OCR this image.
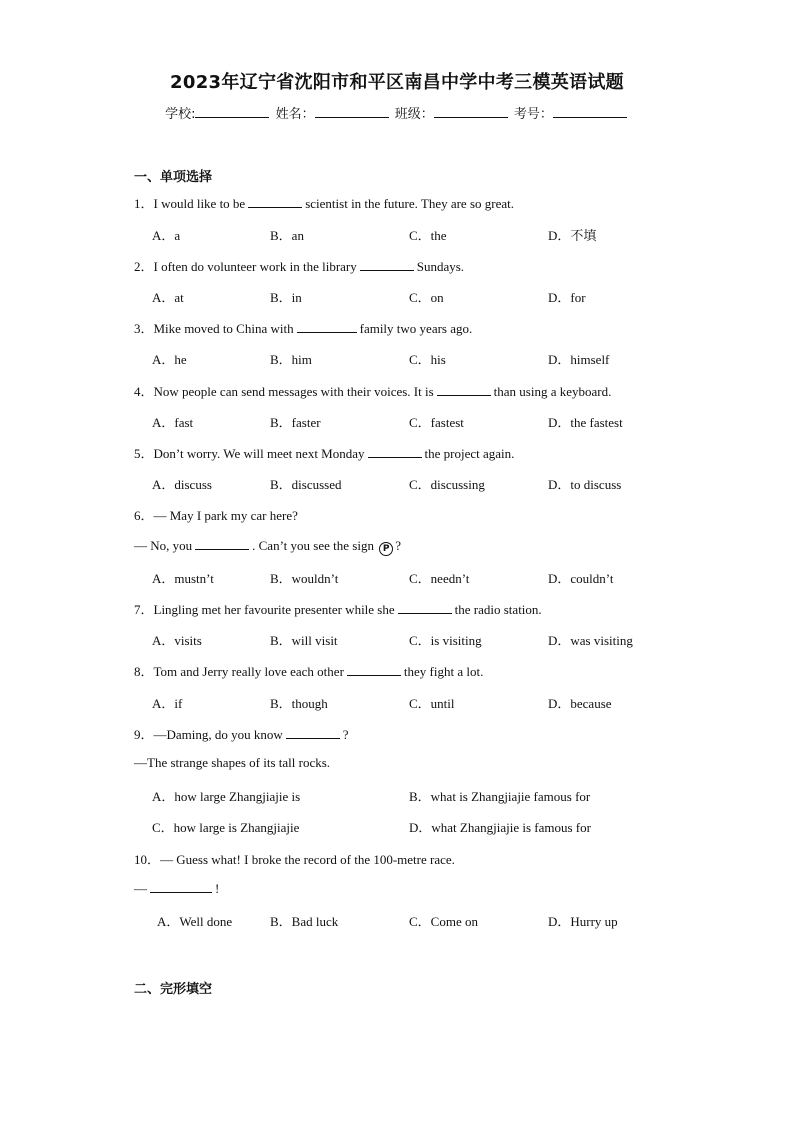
2023年辽宁省沈阳市和平区南昌中学中考三模英语试题
学校:	姓名：	班级：	考号：
一、单项选择
1．I would like to be	scientist in the future. They are so great.
A．a	B．an	C．the	D．不填
2．I often do volunteer work in the library	Sundays.
A．at	B．in	C．on	D．for
3．Mike moved to China with	family two years ago.
A．he	B．him	C．his	D．himself
4．Now people can send messages with their voices. It is	than using a keyboard.
A．fast	B．faster	C．fastest	D．the fastest
5．Don’t worry. We will meet next Monday	the project again.
A．discuss	B．discussed	C．discussing	D．to discuss
6．— May I park my car here?
— No, you	. Can’t you see the sign P ?
A．mustn’t	B．wouldn’t	C．needn’t	D．couldn’t
7．Lingling met her favourite presenter while she	the radio station.
A．visits	B．will visit	C．is visiting	D．was visiting
8．Tom and Jerry really love each other	they fight a lot.
A．if	B．though	C．until	D．because
9．—Daming, do you know	?
—The strange shapes of its tall rocks.
A．how large Zhangjiajie is	B．what is Zhangjiajie famous for
C．how large is Zhangjiajie	D．what Zhangjiajie is famous for
10．— Guess what! I broke the record of the 100-metre race.
—	!
A．Well done	B．Bad luck	C．Come on	D．Hurry up
二、完形填空
